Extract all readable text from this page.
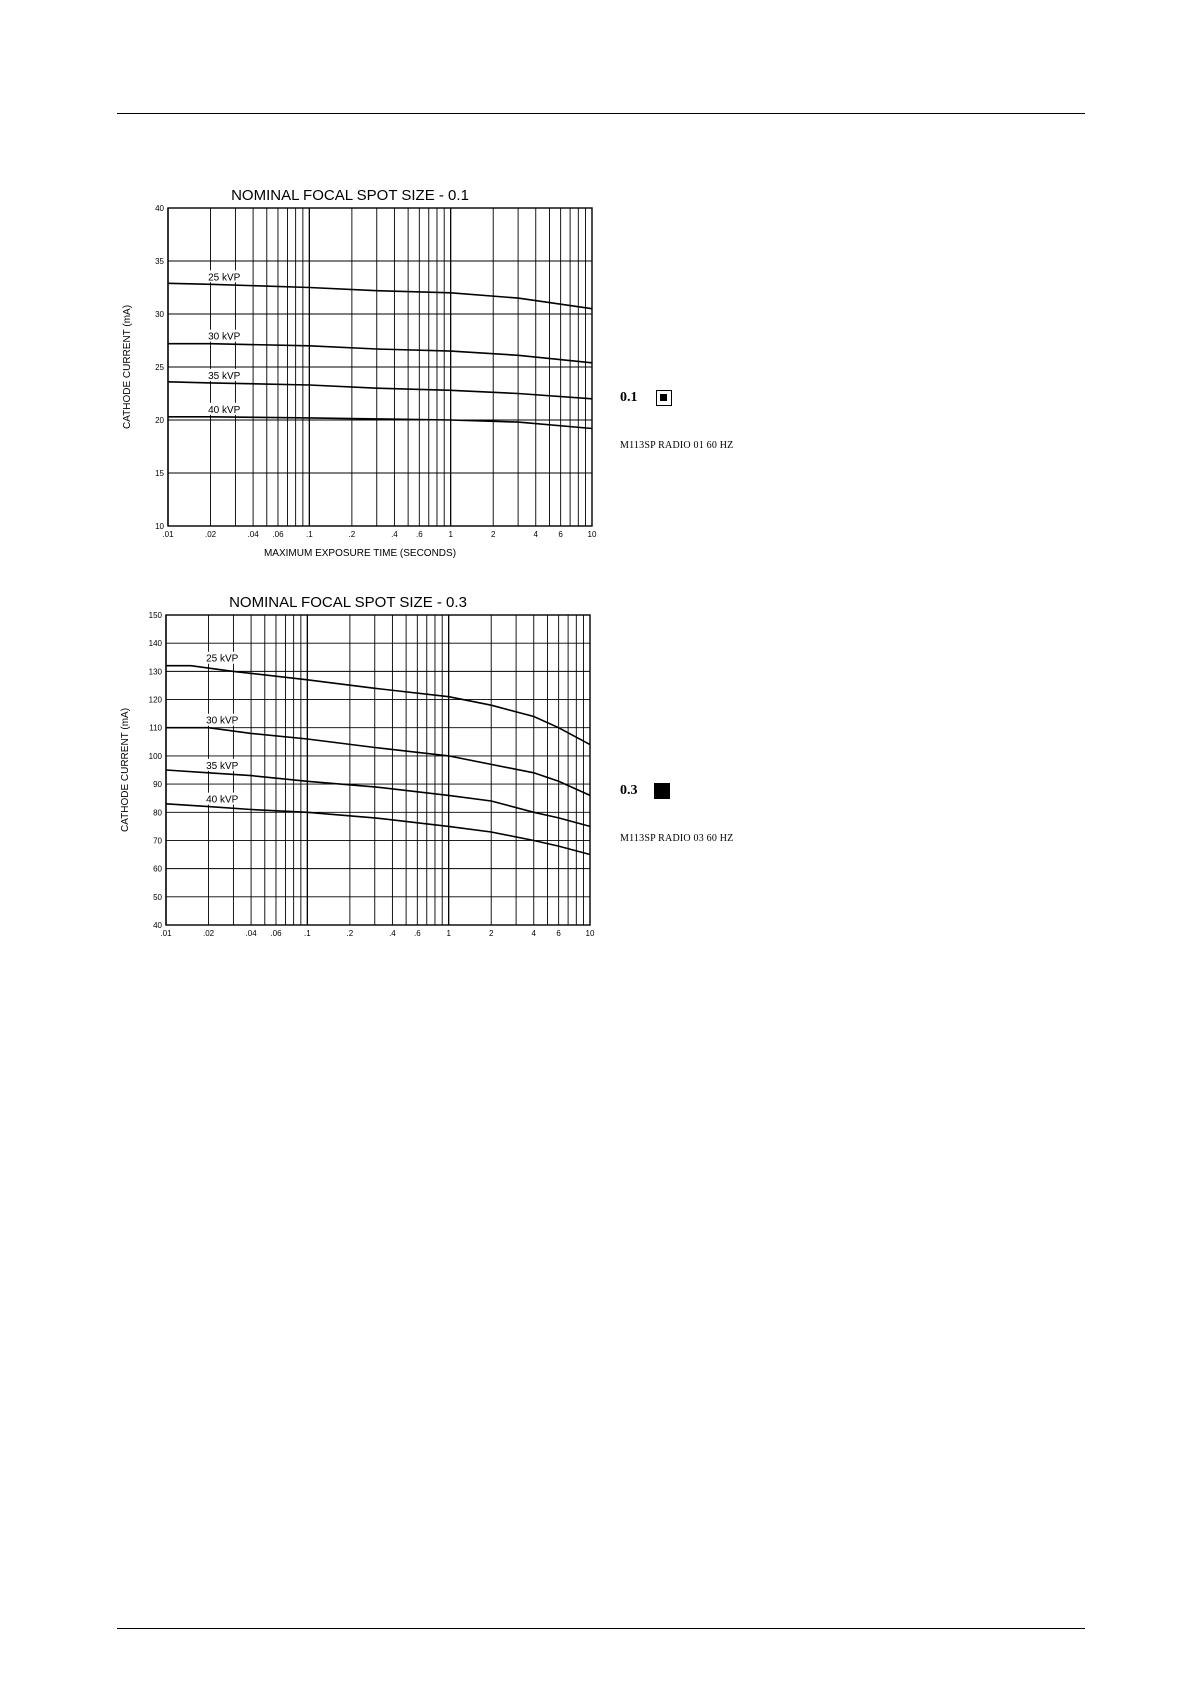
NOMINAL FOCAL SPOT SIZE - 0.1
10
15
20
25
30
35
40
.01	.02	.04 .06	.1	.2	.4 .6	1	2	4	6	10
CATHODE CURRENT (mA)
MAXIMUM EXPOSURE TIME (SECONDS)
25 kVP
30 kVP
35 kVP
40 kVP
NOMINAL FOCAL SPOT SIZE - 0.3
40
50
60
70
80
90
100
110
120
130
140
150
.01	.02	.04 .06	.1	.2	.4 .6	1	2	4	6	10
CATHODE CURRENT (mA)
25 kVP
30 kVP
35 kVP
40 kVP
0.1
M113SP RADIO 01 60 HZ
0.3
M113SP RADIO 03 60 HZ
